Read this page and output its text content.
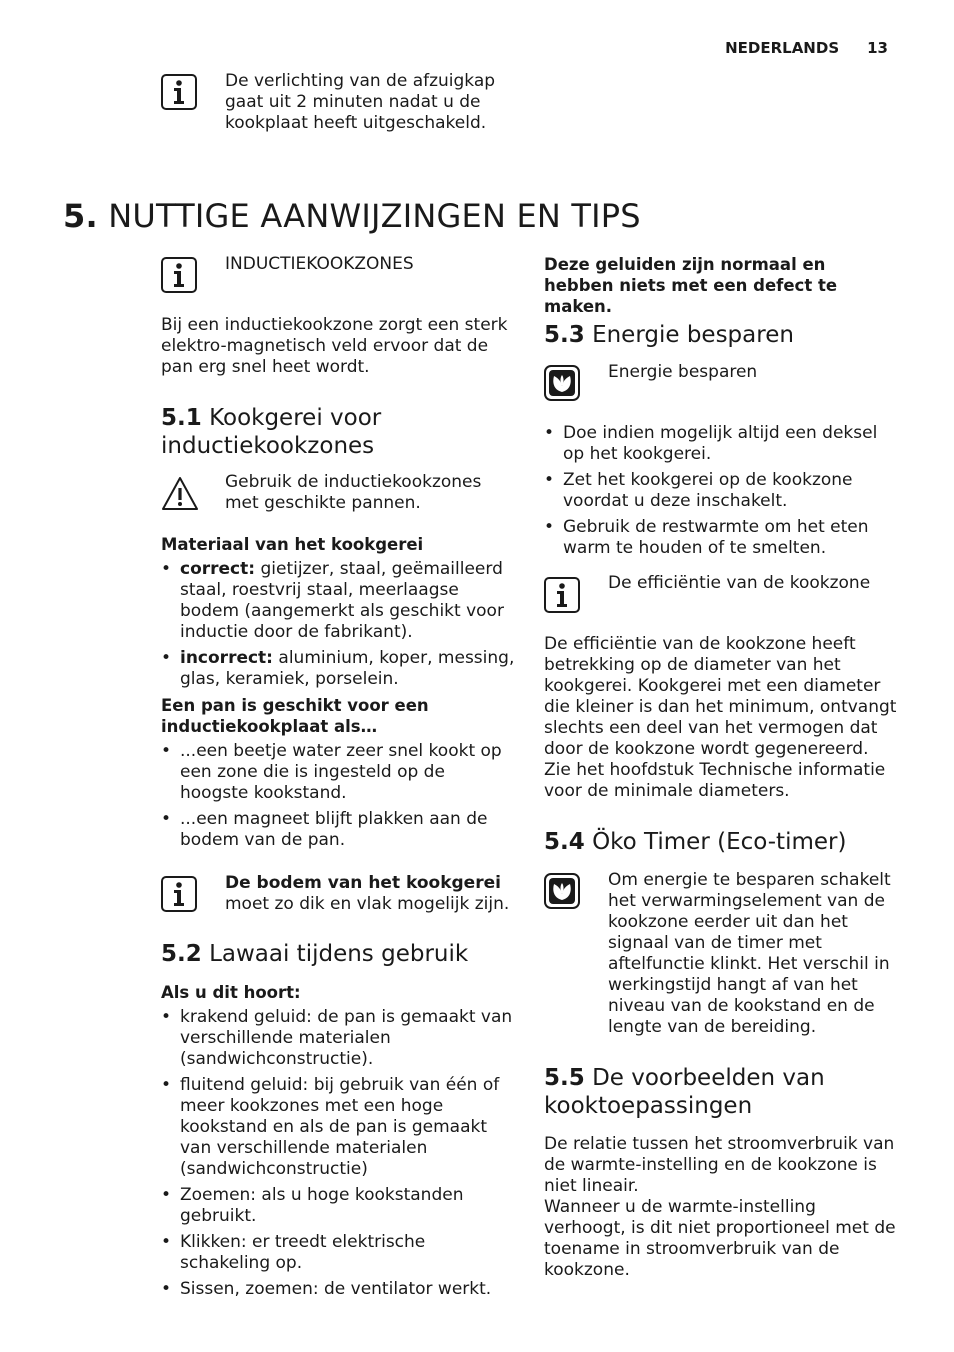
NEDERLANDS 13

De verlichting van de afzuigkap gaat uit 2 minuten nadat u de kookplaat heeft uitgeschakeld.

5. NUTTIGE AANWIJZINGEN EN TIPS

INDUCTIEKOOKZONES

Bij een inductiekookzone zorgt een sterk elektro-magnetisch veld ervoor dat de pan erg snel heet wordt.

5.1 Kookgerei voor inductiekookzones

Gebruik de inductiekookzones met geschikte pannen.

Materiaal van het kookgerei

• correct: gietijzer, staal, geëmailleerd staal, roestvrij staal, meerlaagse bodem (aangemerkt als geschikt voor inductie door de fabrikant).
• incorrect: aluminium, koper, messing, glas, keramiek, porselein.

Een pan is geschikt voor een inductiekookplaat als…

• ...een beetje water zeer snel kookt op een zone die is ingesteld op de hoogste kookstand.
• ...een magneet blijft plakken aan de bodem van de pan.

De bodem van het kookgerei moet zo dik en vlak mogelijk zijn.

5.2 Lawaai tijdens gebruik

Als u dit hoort:

• krakend geluid: de pan is gemaakt van verschillende materialen (sandwichconstructie).
• fluitend geluid: bij gebruik van één of meer kookzones met een hoge kookstand en als de pan is gemaakt van verschillende materialen (sandwichconstructie)
• Zoemen: als u hoge kookstanden gebruikt.
• Klikken: er treedt elektrische schakeling op.
• Sissen, zoemen: de ventilator werkt.

Deze geluiden zijn normaal en hebben niets met een defect te maken.

5.3 Energie besparen

Energie besparen

• Doe indien mogelijk altijd een deksel op het kookgerei.
• Zet het kookgerei op de kookzone voordat u deze inschakelt.
• Gebruik de restwarmte om het eten warm te houden of te smelten.

De efficiëntie van de kookzone

De efficiëntie van de kookzone heeft betrekking op de diameter van het kookgerei. Kookgerei met een diameter die kleiner is dan het minimum, ontvangt slechts een deel van het vermogen dat door de kookzone wordt gegenereerd. Zie het hoofdstuk Technische informatie voor de minimale diameters.

5.4 Öko Timer (Eco-timer)

Om energie te besparen schakelt het verwarmingselement van de kookzone eerder uit dan het signaal van de timer met aftelfunctie klinkt. Het verschil in werkingstijd hangt af van het niveau van de kookstand en de lengte van de bereiding.

5.5 De voorbeelden van kooktoepassingen

De relatie tussen het stroomverbruik van de warmte-instelling en de kookzone is niet lineair.

Wanneer u de warmte-instelling verhoogt, is dit niet proportioneel met de toename in stroomverbruik van de kookzone.
